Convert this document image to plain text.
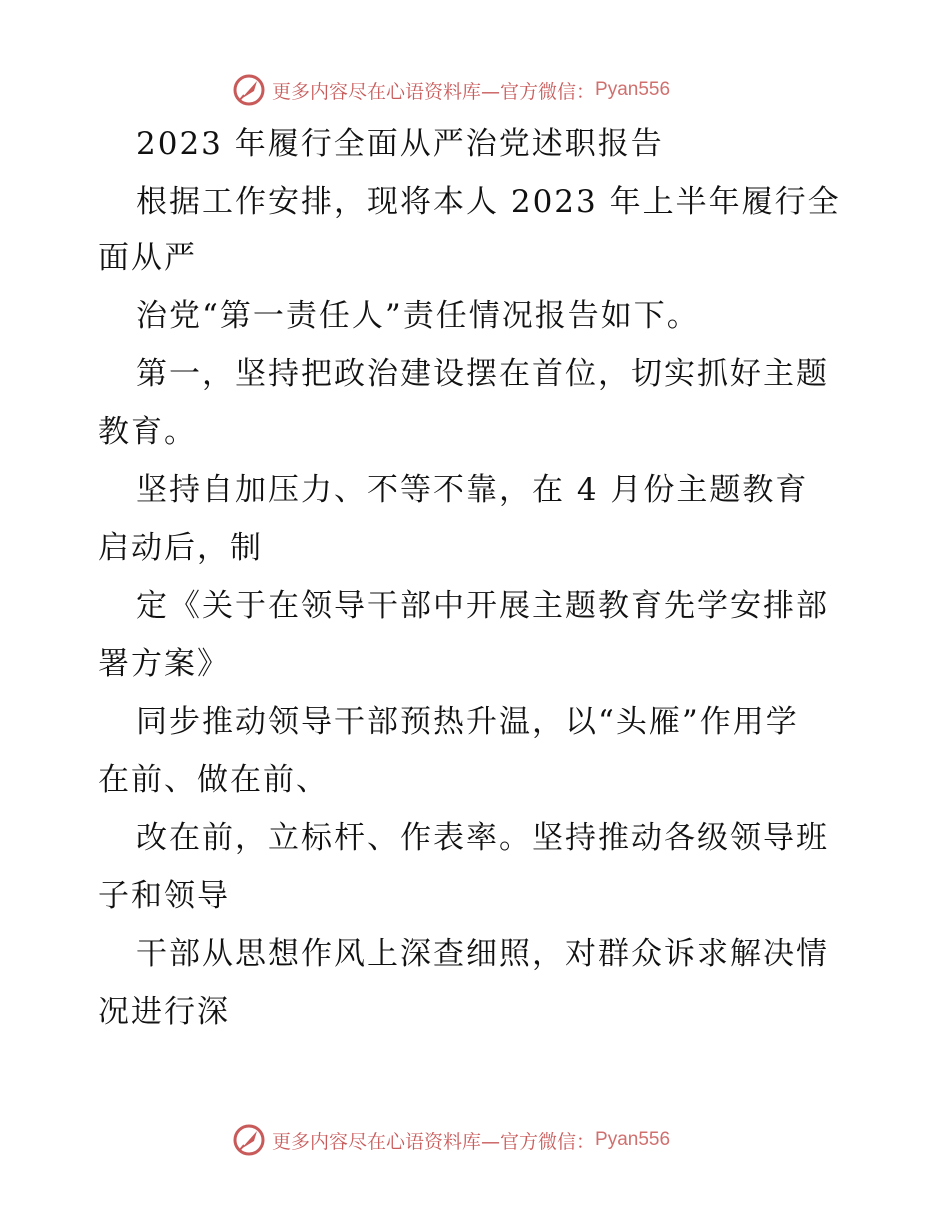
更多内容尽在心语资料库—官方微信： Pyan556
2023 年履行全面从严治党述职报告
根据工作安排，现将本人 2023 年上半年履行全
面从严
治党“第一责任人”责任情况报告如下。
第一，坚持把政治建设摆在首位，切实抓好主题
教育。
坚持自加压力、不等不靠，在 4 月份主题教育
启动后，制
定《关于在领导干部中开展主题教育先学安排部
署方案》
同步推动领导干部预热升温，以“头雁”作用学
在前、做在前、
改在前，立标杆、作表率。坚持推动各级领导班
子和领导
干部从思想作风上深查细照，对群众诉求解决情
况进行深
更多内容尽在心语资料库—官方微信： Pyan556
